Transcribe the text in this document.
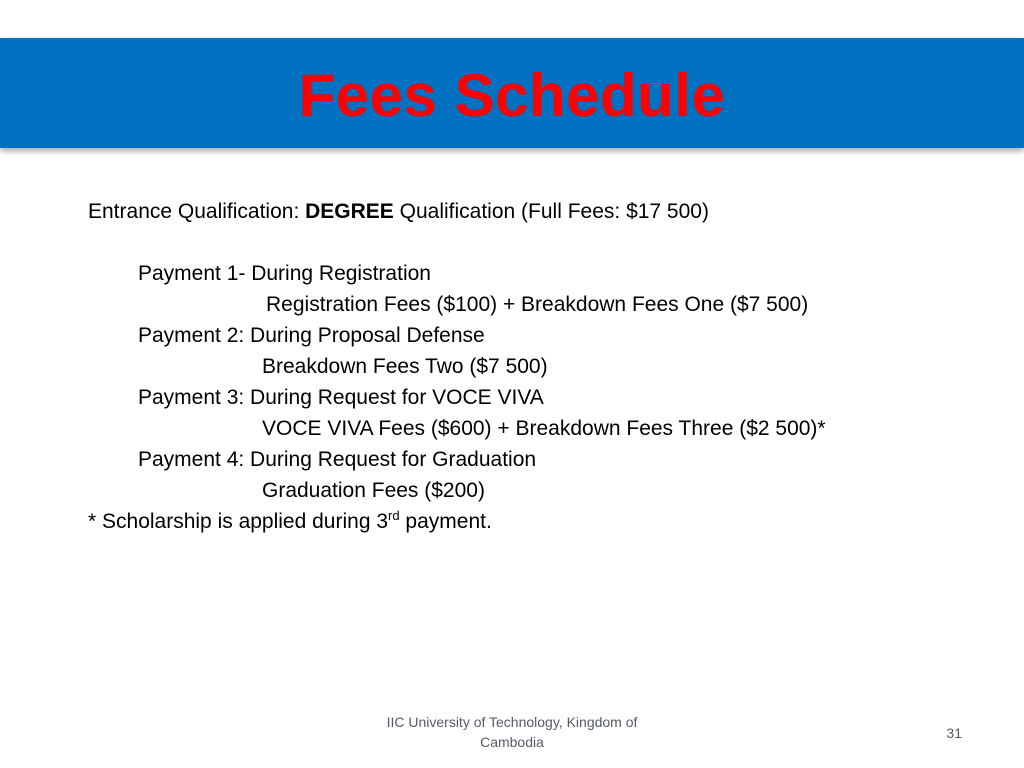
Fees Schedule
Entrance Qualification: DEGREE Qualification (Full Fees: $17 500)
Payment 1- During Registration
Registration Fees ($100) + Breakdown Fees One ($7 500)
Payment 2: During Proposal Defense
Breakdown Fees Two ($7 500)
Payment 3: During Request for VOCE VIVA
VOCE VIVA Fees ($600) + Breakdown Fees Three ($2 500)*
Payment 4: During Request for Graduation
Graduation Fees ($200)
* Scholarship is applied during 3rd payment.
IIC University of Technology, Kingdom of Cambodia
31
